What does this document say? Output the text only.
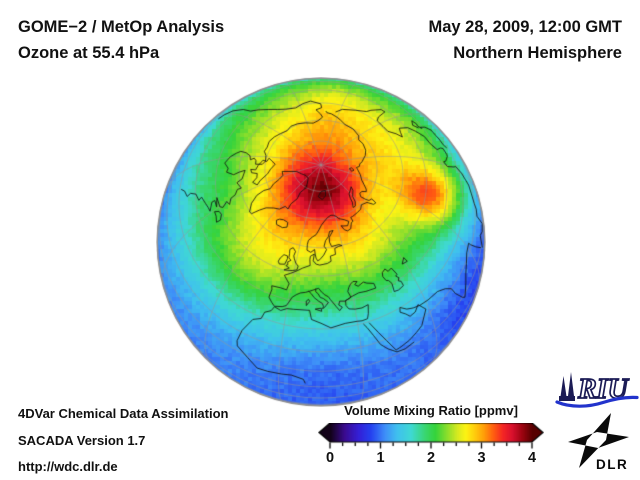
GOME−2 / MetOp Analysis
Ozone at 55.4 hPa
May 28, 2009, 12:00 GMT
Northern Hemisphere
4DVar Chemical Data Assimilation
SACADA Version 1.7
http://wdc.dlr.de
Volume Mixing Ratio [ppmv]
0	1	2	3	4
RIU
DLR
